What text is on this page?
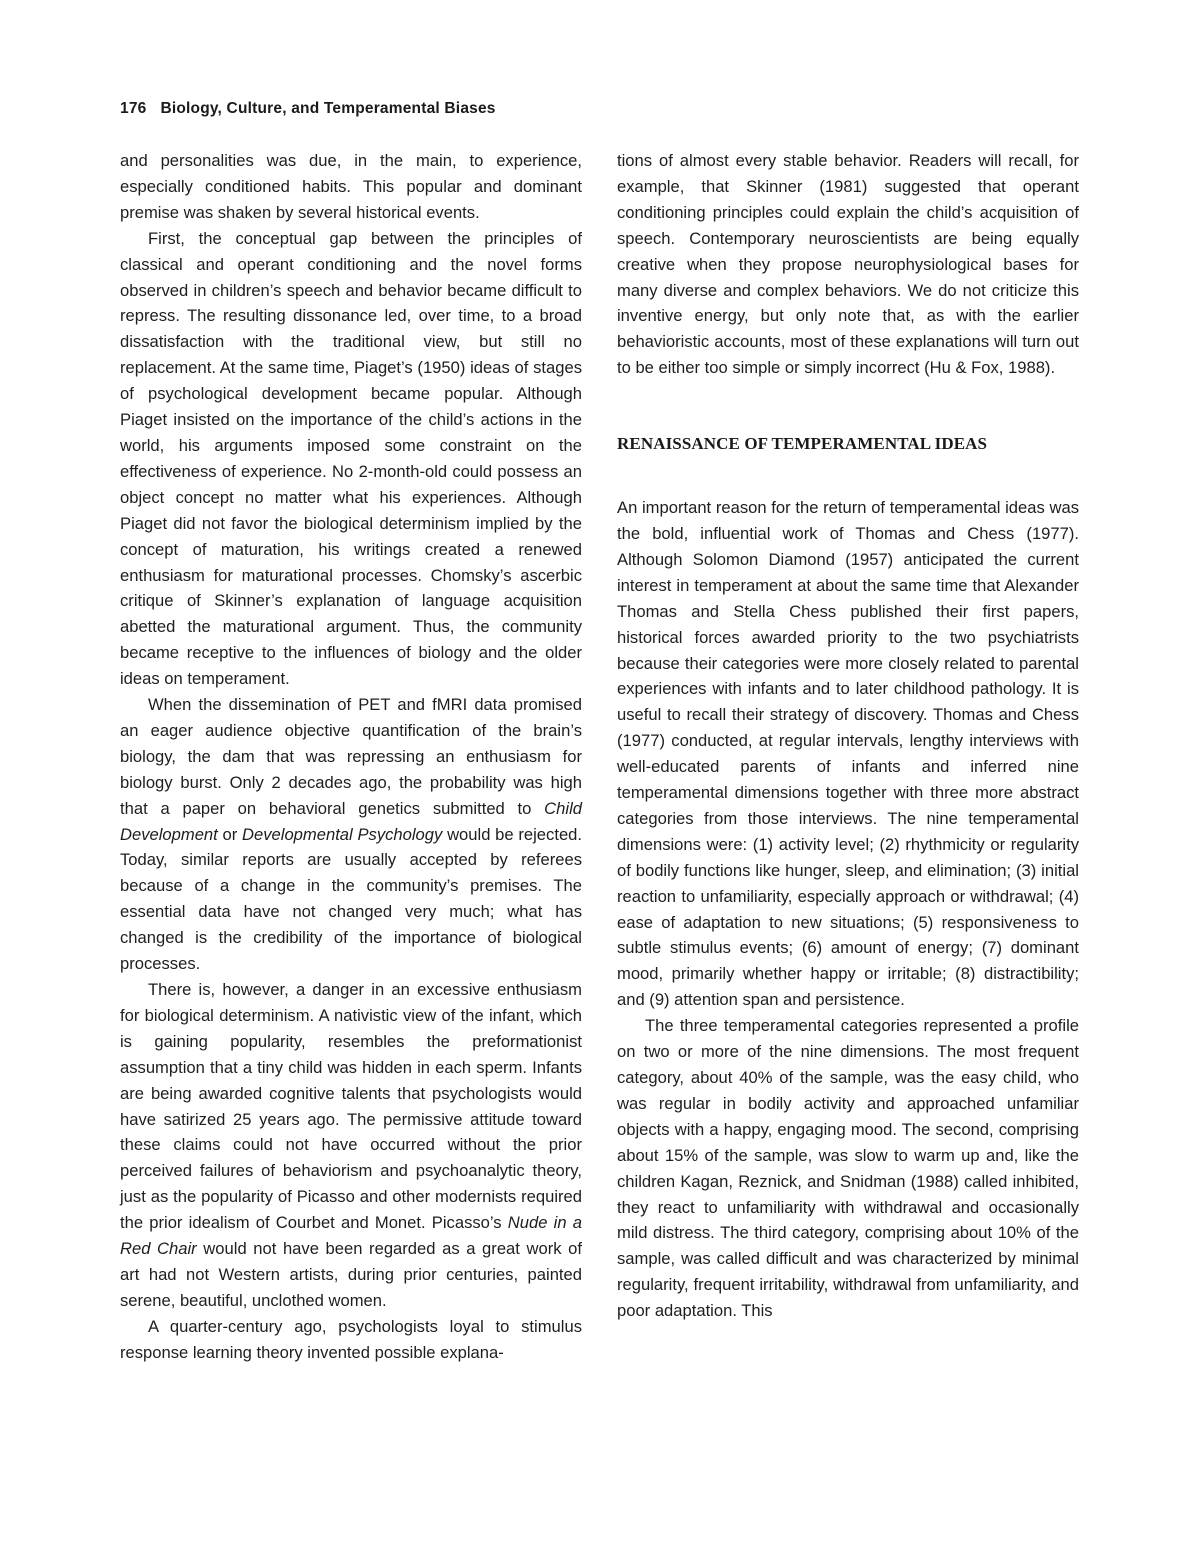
176 Biology, Culture, and Temperamental Biases

and personalities was due, in the main, to experience, especially conditioned habits. This popular and dominant premise was shaken by several historical events.

First, the conceptual gap between the principles of classical and operant conditioning and the novel forms observed in children’s speech and behavior became difficult to repress. The resulting dissonance led, over time, to a broad dissatisfaction with the traditional view, but still no replacement. At the same time, Piaget’s (1950) ideas of stages of psychological development became popular. Although Piaget insisted on the importance of the child’s actions in the world, his arguments imposed some constraint on the effectiveness of experience. No 2-month-old could possess an object concept no matter what his experiences. Although Piaget did not favor the biological determinism implied by the concept of maturation, his writings created a renewed enthusiasm for maturational processes. Chomsky’s ascerbic critique of Skinner’s explanation of language acquisition abetted the maturational argument. Thus, the community became receptive to the influences of biology and the older ideas on temperament.

When the dissemination of PET and fMRI data promised an eager audience objective quantification of the brain’s biology, the dam that was repressing an enthusiasm for biology burst. Only 2 decades ago, the probability was high that a paper on behavioral genetics submitted to Child Development or Developmental Psychology would be rejected. Today, similar reports are usually accepted by referees because of a change in the community’s premises. The essential data have not changed very much; what has changed is the credibility of the importance of biological processes.

There is, however, a danger in an excessive enthusiasm for biological determinism. A nativistic view of the infant, which is gaining popularity, resembles the preformationist assumption that a tiny child was hidden in each sperm. Infants are being awarded cognitive talents that psychologists would have satirized 25 years ago. The permissive attitude toward these claims could not have occurred without the prior perceived failures of behaviorism and psychoanalytic theory, just as the popularity of Picasso and other modernists required the prior idealism of Courbet and Monet. Picasso’s Nude in a Red Chair would not have been regarded as a great work of art had not Western artists, during prior centuries, painted serene, beautiful, unclothed women.

A quarter-century ago, psychologists loyal to stimulus response learning theory invented possible explana-

tions of almost every stable behavior. Readers will recall, for example, that Skinner (1981) suggested that operant conditioning principles could explain the child’s acquisition of speech. Contemporary neuroscientists are being equally creative when they propose neurophysiological bases for many diverse and complex behaviors. We do not criticize this inventive energy, but only note that, as with the earlier behavioristic accounts, most of these explanations will turn out to be either too simple or simply incorrect (Hu & Fox, 1988).

RENAISSANCE OF TEMPERAMENTAL IDEAS

An important reason for the return of temperamental ideas was the bold, influential work of Thomas and Chess (1977). Although Solomon Diamond (1957) anticipated the current interest in temperament at about the same time that Alexander Thomas and Stella Chess published their first papers, historical forces awarded priority to the two psychiatrists because their categories were more closely related to parental experiences with infants and to later childhood pathology. It is useful to recall their strategy of discovery. Thomas and Chess (1977) conducted, at regular intervals, lengthy interviews with well-educated parents of infants and inferred nine temperamental dimensions together with three more abstract categories from those interviews. The nine temperamental dimensions were: (1) activity level; (2) rhythmicity or regularity of bodily functions like hunger, sleep, and elimination; (3) initial reaction to unfamiliarity, especially approach or withdrawal; (4) ease of adaptation to new situations; (5) responsiveness to subtle stimulus events; (6) amount of energy; (7) dominant mood, primarily whether happy or irritable; (8) distractibility; and (9) attention span and persistence.

The three temperamental categories represented a profile on two or more of the nine dimensions. The most frequent category, about 40% of the sample, was the easy child, who was regular in bodily activity and approached unfamiliar objects with a happy, engaging mood. The second, comprising about 15% of the sample, was slow to warm up and, like the children Kagan, Reznick, and Snidman (1988) called inhibited, they react to unfamiliarity with withdrawal and occasionally mild distress. The third category, comprising about 10% of the sample, was called difficult and was characterized by minimal regularity, frequent irritability, withdrawal from unfamiliarity, and poor adaptation. This
